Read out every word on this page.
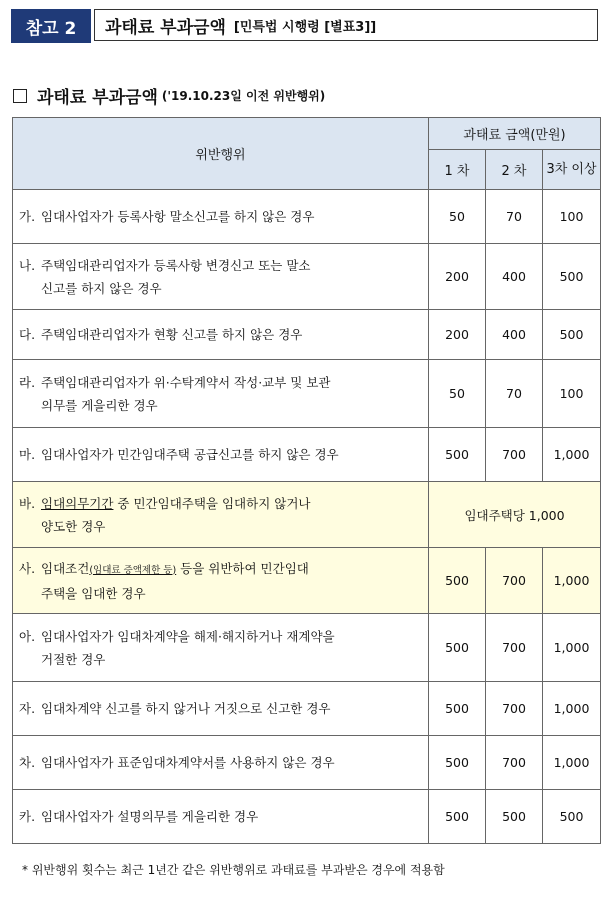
참고 2	과태료 부과금액 [민특법 시행령 [별표3]]
과태료 부과금액 ('19.10.23일 이전 위반행위)
위반행위	과태료 금액(만원)		
	1 차	2 차	3차 이상

가. 임대사업자가 등록사항 말소신고를 하지 않은 경우	50	70	100

나. 주택임대관리업자가 등록사항 변경신고 또는 말소
신고를 하지 않은 경우	200	400	500

다. 주택임대관리업자가 현황 신고를 하지 않은 경우	200	400	500

라. 주택임대관리업자가 위·수탁계약서 작성·교부 및 보관
의무를 게을리한 경우	50	70	100

마. 임대사업자가 민간임대주택 공급신고를 하지 않은 경우	500	700	1,000

바. 임대의무기간 중 민간임대주택을 임대하지 않거나
양도한 경우	임대주택당 1,000		

사. 임대조건(임대료 증액제한 등) 등을 위반하여 민간임대
주택을 임대한 경우	500	700	1,000

아. 임대사업자가 임대차계약을 해제·해지하거나 재계약을
거절한 경우	500	700	1,000

자. 임대차계약 신고를 하지 않거나 거짓으로 신고한 경우	500	700	1,000

차. 임대사업자가 표준임대차계약서를 사용하지 않은 경우	500	700	1,000

카. 임대사업자가 설명의무를 게을리한 경우	500	500	500
* 위반행위 횟수는 최근 1년간 같은 위반행위로 과태료를 부과받은 경우에 적용함
